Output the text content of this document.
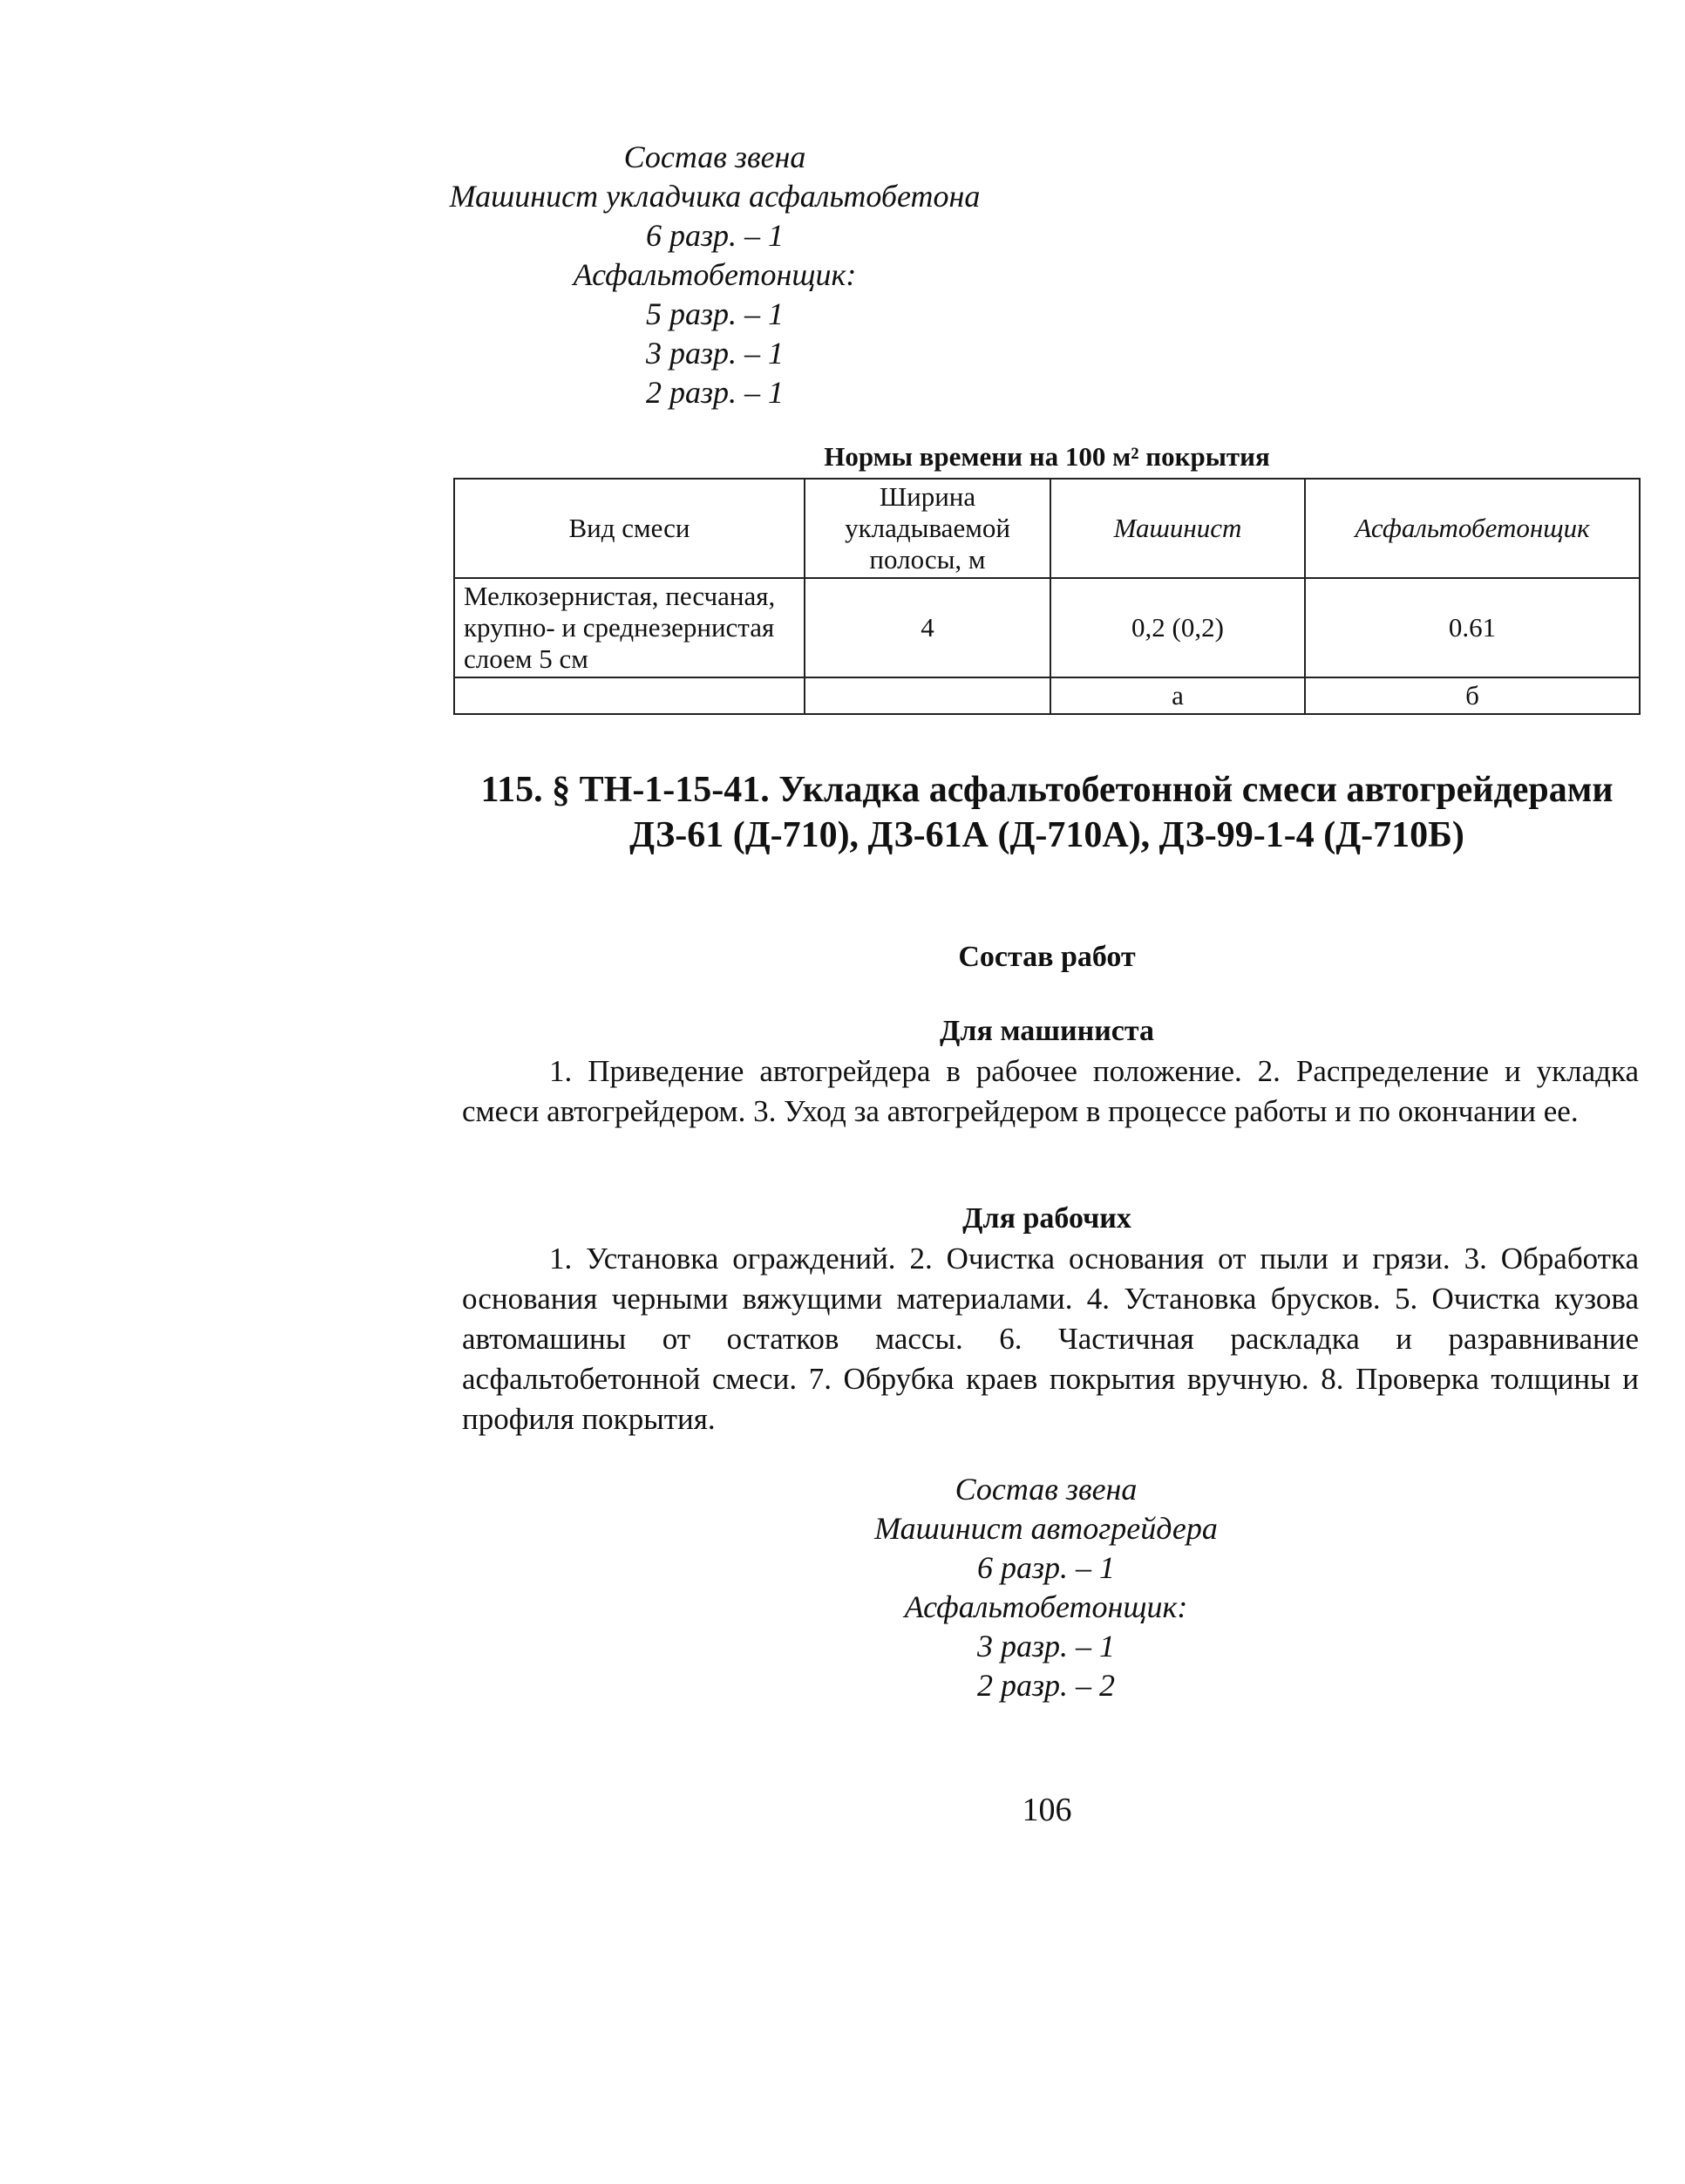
Состав звена
Машинист укладчика асфальтобетона
6 разр. – 1
Асфальтобетонщик:
5 разр. – 1
3 разр. – 1
2 разр. – 1
Нормы времени на 100 м² покрытия
Вид смеси	Ширина укладываемой полосы, м	Машинист	Асфальтобетонщик
Мелкозернистая, песчаная, крупно- и среднезернистая слоем 5 см	4	0,2 (0,2)	0.61
		а	б
115. § ТН-1-15-41. Укладка асфальтобетонной смеси автогрейдерами ДЗ-61 (Д-710), ДЗ-61А (Д-710А), ДЗ-99-1-4 (Д-710Б)
Состав работ
Для машиниста
1. Приведение автогрейдера в рабочее положение. 2. Распределение и укладка смеси автогрейдером. 3. Уход за автогрейдером в процессе работы и по окончании ее.
Для рабочих
1. Установка ограждений. 2. Очистка основания от пыли и грязи. 3. Обработка основания черными вяжущими материалами. 4. Установка брусков. 5. Очистка кузова автомашины от остатков массы. 6. Частичная раскладка и разравнивание асфальтобетонной смеси. 7. Обрубка краев покрытия вручную. 8. Проверка толщины и профиля покрытия.
Состав звена
Машинист автогрейдера
6 разр. – 1
Асфальтобетонщик:
3 разр. – 1
2 разр. – 2
106
